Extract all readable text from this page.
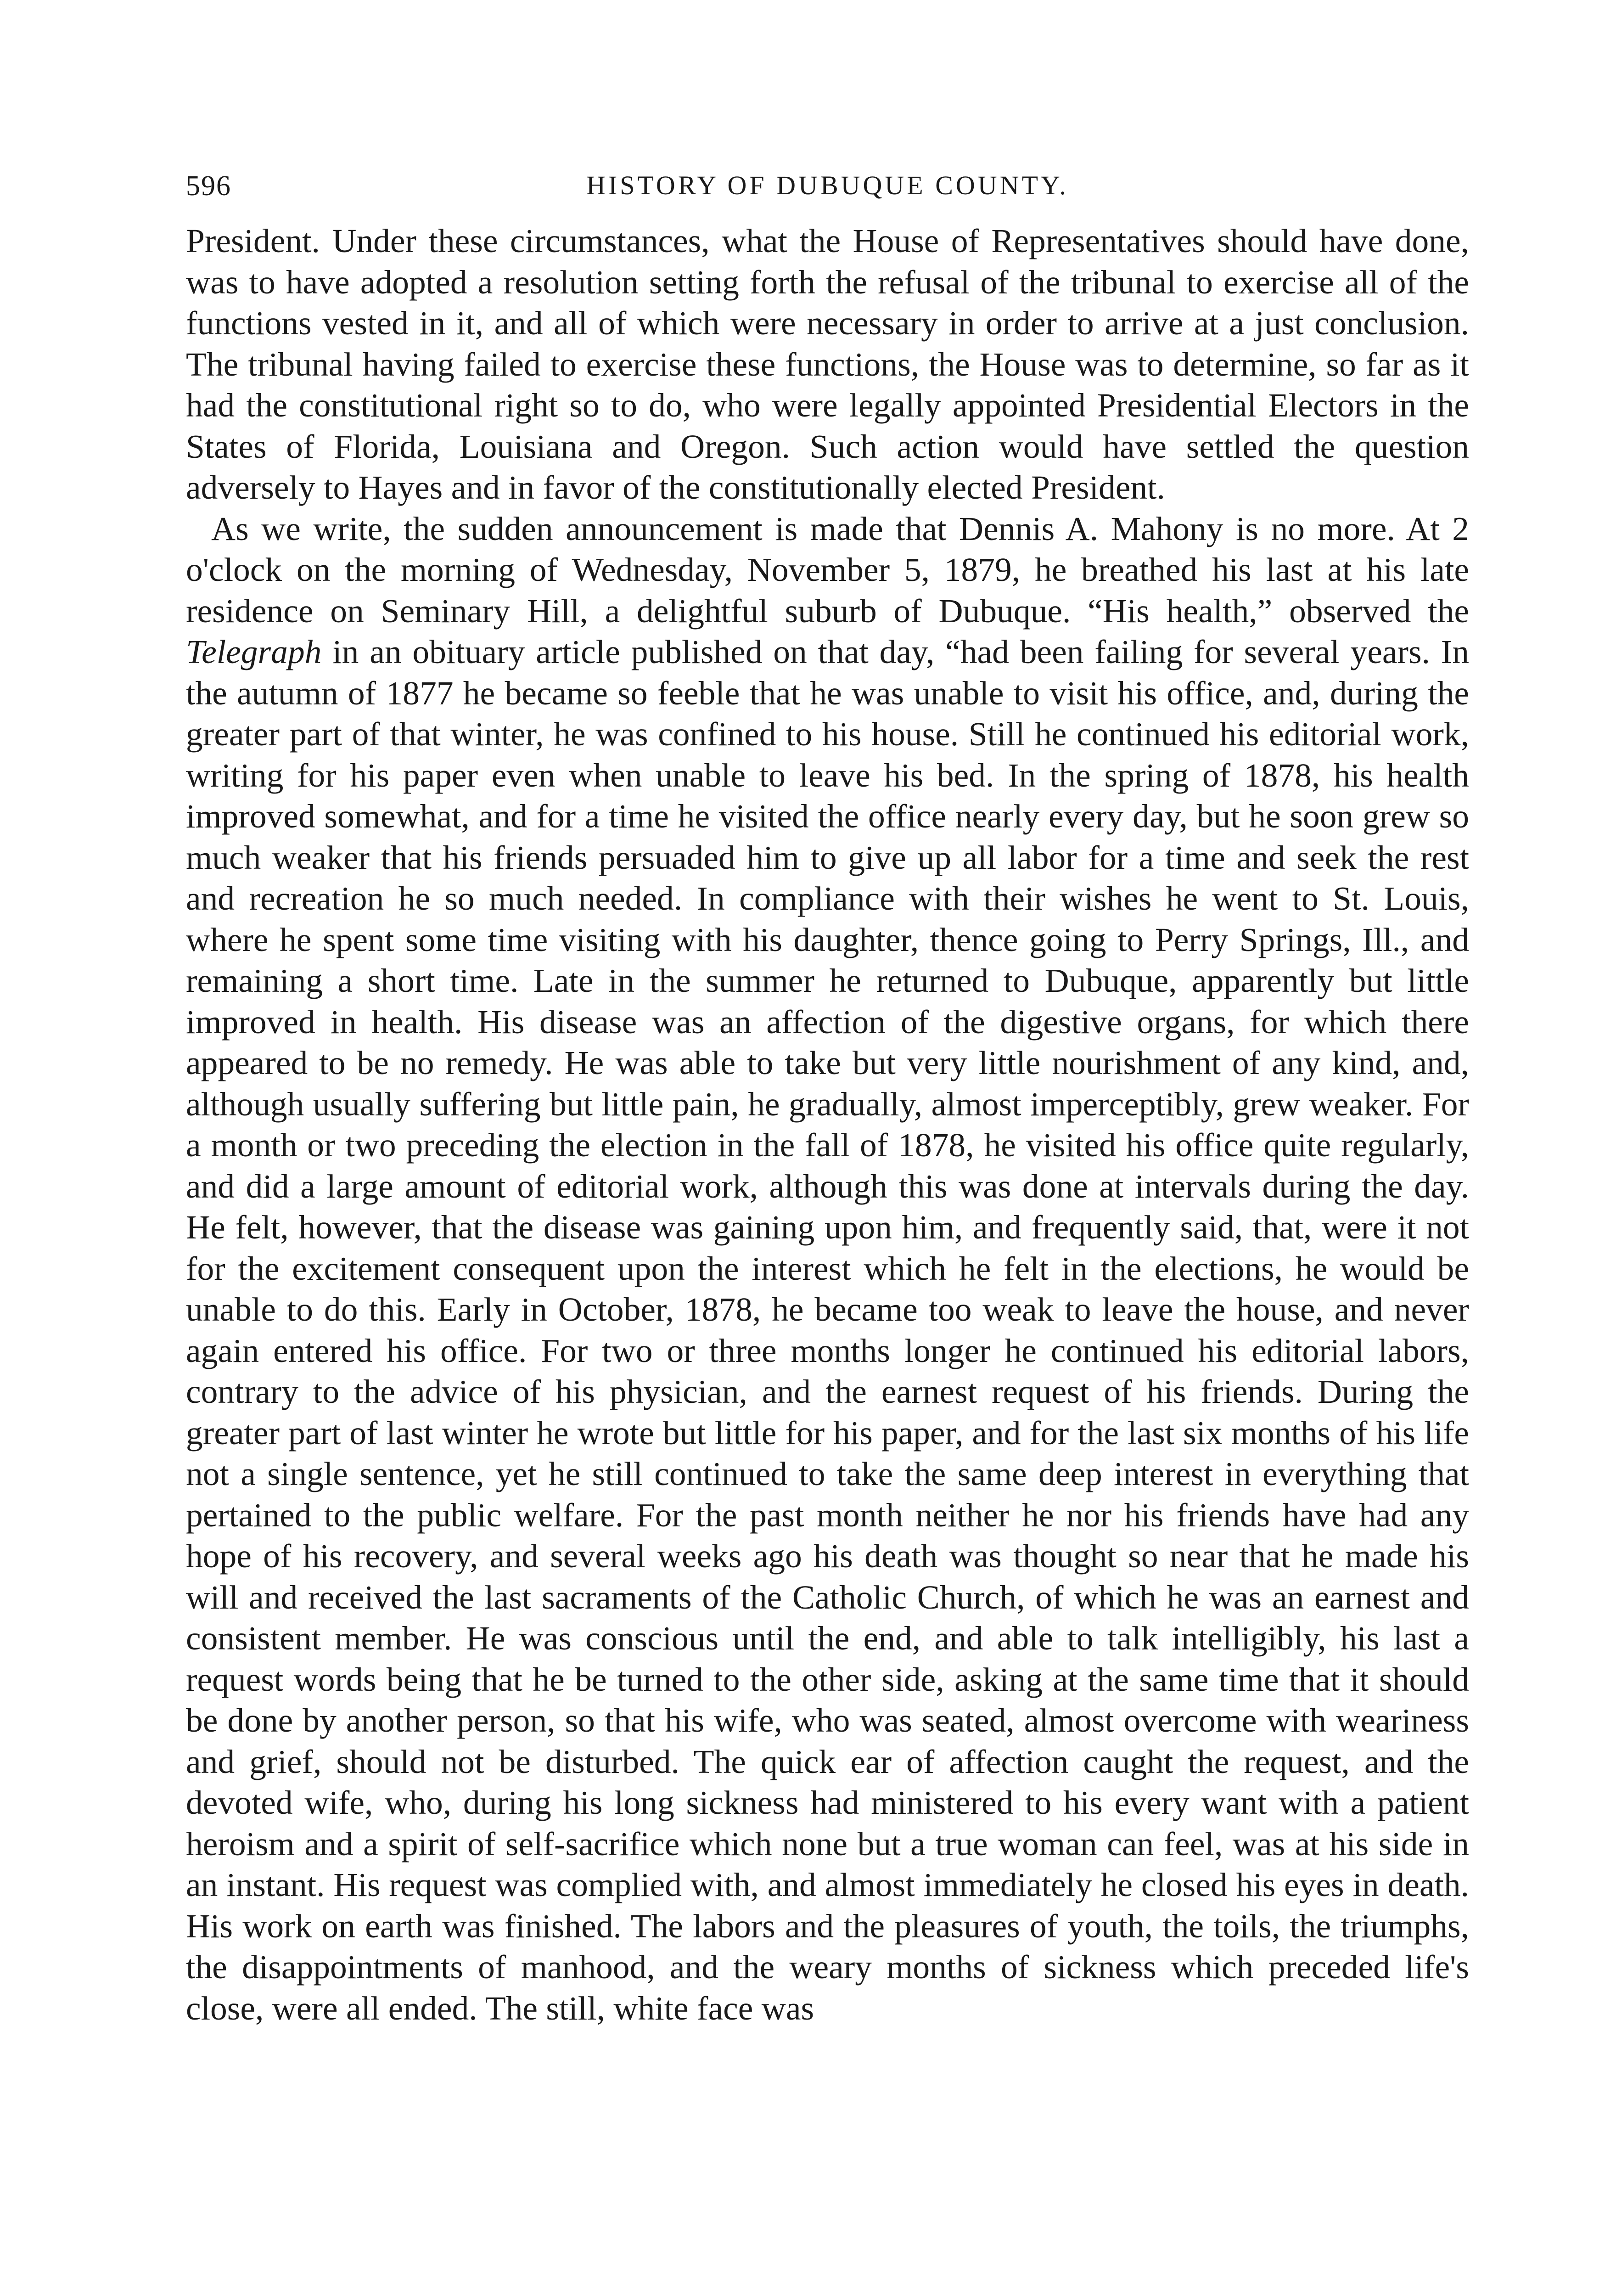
596	HISTORY OF DUBUQUE COUNTY.

President. Under these circumstances, what the House of Representatives should have done, was to have adopted a resolution setting forth the refusal of the tribunal to exercise all of the functions vested in it, and all of which were necessary in order to arrive at a just conclusion. The tribunal having failed to exercise these functions, the House was to determine, so far as it had the constitutional right so to do, who were legally appointed Presidential Electors in the States of Florida, Louisiana and Oregon. Such action would have settled the question adversely to Hayes and in favor of the constitutionally elected President.

As we write, the sudden announcement is made that Dennis A. Mahony is no more. At 2 o'clock on the morning of Wednesday, November 5, 1879, he breathed his last at his late residence on Seminary Hill, a delightful suburb of Dubuque. “His health,” observed the Telegraph in an obituary article published on that day, “had been failing for several years. In the autumn of 1877 he became so feeble that he was unable to visit his office, and, during the greater part of that winter, he was confined to his house. Still he continued his editorial work, writing for his paper even when unable to leave his bed. In the spring of 1878, his health improved somewhat, and for a time he visited the office nearly every day, but he soon grew so much weaker that his friends persuaded him to give up all labor for a time and seek the rest and recreation he so much needed. In compliance with their wishes he went to St. Louis, where he spent some time visiting with his daughter, thence going to Perry Springs, Ill., and remaining a short time. Late in the summer he returned to Dubuque, apparently but little improved in health. His disease was an affection of the digestive organs, for which there appeared to be no remedy. He was able to take but very little nourishment of any kind, and, although usually suffering but little pain, he gradually, almost imperceptibly, grew weaker. For a month or two preceding the election in the fall of 1878, he visited his office quite regularly, and did a large amount of editorial work, although this was done at intervals during the day. He felt, however, that the disease was gaining upon him, and frequently said, that, were it not for the excitement consequent upon the interest which he felt in the elections, he would be unable to do this. Early in October, 1878, he became too weak to leave the house, and never again entered his office. For two or three months longer he continued his editorial labors, contrary to the advice of his physician, and the earnest request of his friends. During the greater part of last winter he wrote but little for his paper, and for the last six months of his life not a single sentence, yet he still continued to take the same deep interest in everything that pertained to the public welfare. For the past month neither he nor his friends have had any hope of his recovery, and several weeks ago his death was thought so near that he made his will and received the last sacraments of the Catholic Church, of which he was an earnest and consistent member. He was conscious until the end, and able to talk intelligibly, his last a request words being that he be turned to the other side, asking at the same time that it should be done by another person, so that his wife, who was seated, almost overcome with weariness and grief, should not be disturbed. The quick ear of affection caught the request, and the devoted wife, who, during his long sickness had ministered to his every want with a patient heroism and a spirit of self-sacrifice which none but a true woman can feel, was at his side in an instant. His request was complied with, and almost immediately he closed his eyes in death. His work on earth was finished. The labors and the pleasures of youth, the toils, the triumphs, the disappointments of manhood, and the weary months of sickness which preceded life's close, were all ended. The still, white face was
